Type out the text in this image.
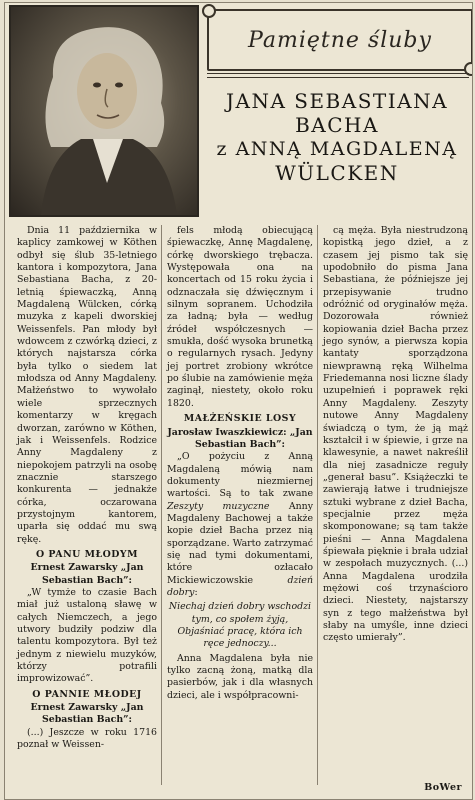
Pamiętne śluby
JANA SEBASTIANA
BACHA
z ANNĄ MAGDALENĄ
WÜLCKEN

Dnia 11 października w kaplicy zamkowej w Köthen odbył się ślub 35-letniego kantora i kompozytora, Jana Sebastiana Bacha, z 20-letnią śpiewaczką, Anną Magdaleną Wülcken, córką muzyka z kapeli dworskiej Weissenfels. Pan młody był wdowcem z czwórką dzieci, z których najstarsza córka była tylko o siedem lat młodsza od Anny Magdaleny. Małżeństwo to wywołało wiele sprzecznych komentarzy w kręgach dworzan, zarówno w Köthen, jak i Weissenfels. Rodzice Anny Magdaleny z niepokojem patrzyli na osobę znacznie starszego konkurenta — jednakże córka, oczarowana przystojnym kantorem, uparła się oddać mu swą rękę.

O PANU MŁODYM

Ernest Zawarsky „Jan Sebastian Bach”:

„W tymże to czasie Bach miał już ustaloną sławę w całych Niemczech, a jego utwory budziły podziw dla talentu kompozytora. Był też jednym z niewielu muzyków, którzy potrafili improwizować”.

O PANNIE MŁODEJ

Ernest Zawarsky „Jan Sebastian Bach”:

(...) Jeszcze w roku 1716 poznał w Weissen-

fels młodą obiecującą śpiewaczkę, Annę Magdalenę, córkę dworskiego trębacza. Występowała ona na koncertach od 15 roku życia i odznaczała się dźwięcznym i silnym sopranem. Uchodziła za ładną; była — według źródeł współczesnych — smukła, dość wysoka brunetką o regularnych rysach. Jedyny jej portret zrobiony wkrótce po ślubie na zamówienie męża zaginął, niestety, około roku 1820.

MAŁŻEŃSKIE LOSY

Jarosław Iwaszkiewicz: „Jan Sebastian Bach”:

„O pożyciu z Anną Magdaleną mówią nam dokumenty niezmiernej wartości. Są to tak zwane Zeszyty muzyczne Anny Magdaleny Bachowej a także kopie dzieł Bacha przez nią sporządzane. Warto zatrzymać się nad tymi dokumentami, które ozłacało Mickiewiczowskie dzień dobry:

Niechaj dzień dobry wschodzi tym, co społem żyją, Objaśniać pracę, która ich ręce jednoczy...

Anna Magdalena była nie tylko zacną żoną, matką dla pasierbów, jak i dla własnych dzieci, ale i współpracowni-

cą męża. Była niestrudzoną kopistką jego dzieł, a z czasem jej pismo tak się upodobniło do pisma Jana Sebastiana, że późniejsze jej przepisywanie trudno odróżnić od oryginałów męża. Dozorowała również kopiowania dzieł Bacha przez jego synów, a pierwsza kopia kantaty sporządzona niewprawną ręką Wilhelma Friedemanna nosi liczne ślady uzupełnień i poprawek ręki Anny Magdaleny. Zeszyty nutowe Anny Magdaleny świadczą o tym, że ją mąż kształcił i w śpiewie, i grze na klawesynie, a nawet nakreślił dla niej zasadnicze reguły „generał basu”. Książeczki te zawierają łatwe i trudniejsze sztuki wybrane z dzieł Bacha, specjalnie przez męża skomponowane; są tam także pieśni — Anna Magdalena śpiewała pięknie i brała udział w zespołach muzycznych. (...) Anna Magdalena urodziła mężowi coś trzynaściorо dzieci. Niestety, najstarszy syn z tego małżeństwa był słaby na umyśle, inne dzieci często umierały”.

BoWer
